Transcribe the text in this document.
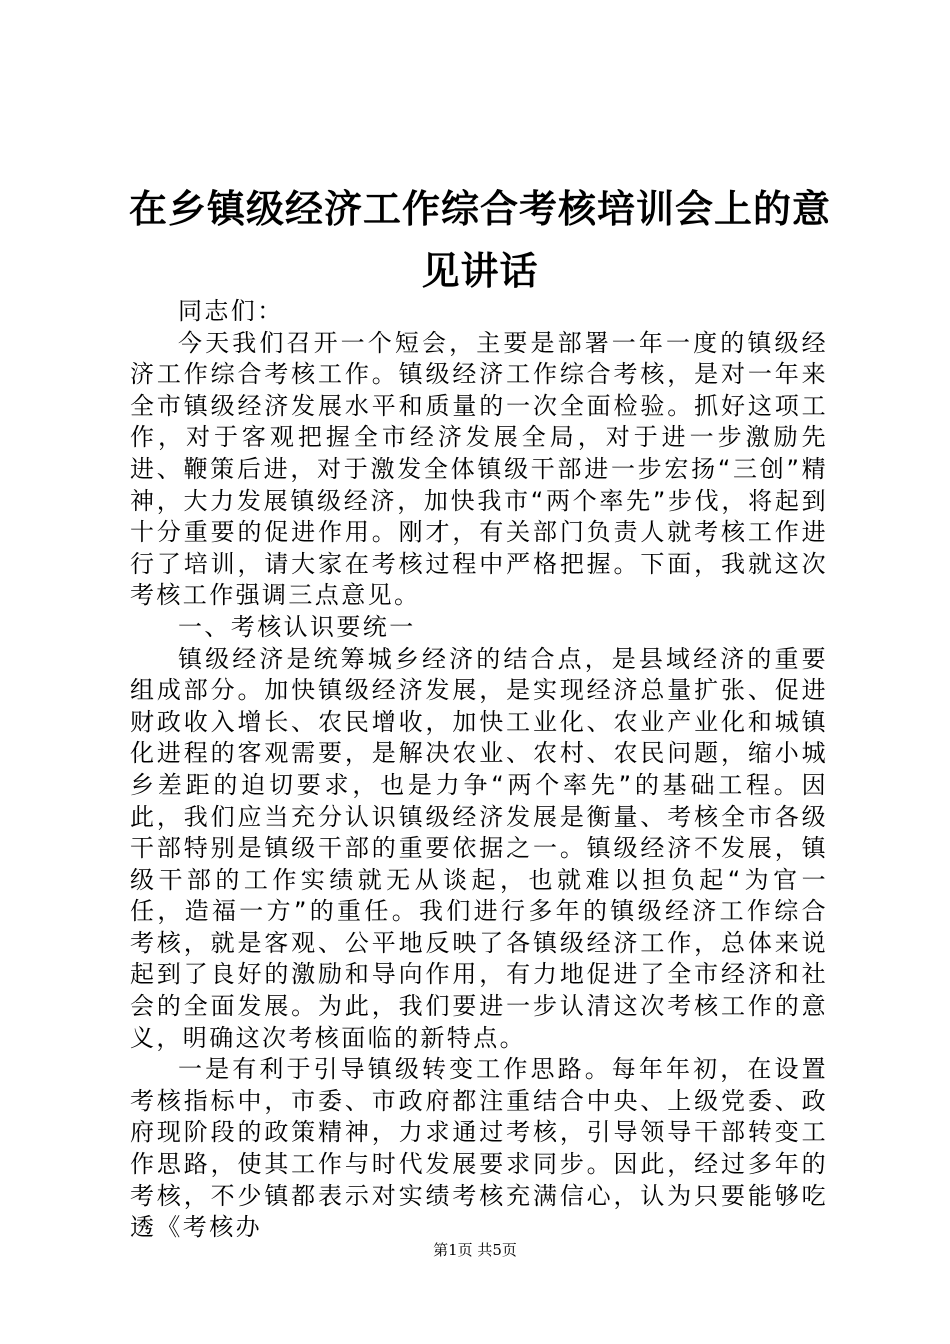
在乡镇级经济工作综合考核培训会上的意见讲话

同志们：

今天我们召开一个短会，主要是部署一年一度的镇级经济工作综合考核工作。镇级经济工作综合考核，是对一年来全市镇级经济发展水平和质量的一次全面检验。抓好这项工作，对于客观把握全市经济发展全局，对于进一步激励先进、鞭策后进，对于激发全体镇级干部进一步宏扬“三创”精神，大力发展镇级经济，加快我市“两个率先”步伐，将起到十分重要的促进作用。刚才，有关部门负责人就考核工作进行了培训，请大家在考核过程中严格把握。下面，我就这次考核工作强调三点意见。

一、考核认识要统一

镇级经济是统筹城乡经济的结合点，是县域经济的重要组成部分。加快镇级经济发展，是实现经济总量扩张、促进财政收入增长、农民增收，加快工业化、农业产业化和城镇化进程的客观需要，是解决农业、农村、农民问题，缩小城乡差距的迫切要求，也是力争“两个率先”的基础工程。因此，我们应当充分认识镇级经济发展是衡量、考核全市各级干部特别是镇级干部的重要依据之一。镇级经济不发展，镇级干部的工作实绩就无从谈起，也就难以担负起“为官一任，造福一方”的重任。我们进行多年的镇级经济工作综合考核，就是客观、公平地反映了各镇级经济工作，总体来说起到了良好的激励和导向作用，有力地促进了全市经济和社会的全面发展。为此，我们要进一步认清这次考核工作的意义，明确这次考核面临的新特点。

一是有利于引导镇级转变工作思路。每年年初，在设置考核指标中，市委、市政府都注重结合中央、上级党委、政府现阶段的政策精神，力求通过考核，引导领导干部转变工作思路，使其工作与时代发展要求同步。因此，经过多年的考核，不少镇都表示对实绩考核充满信心，认为只要能够吃透《考核办

第1页 共5页
